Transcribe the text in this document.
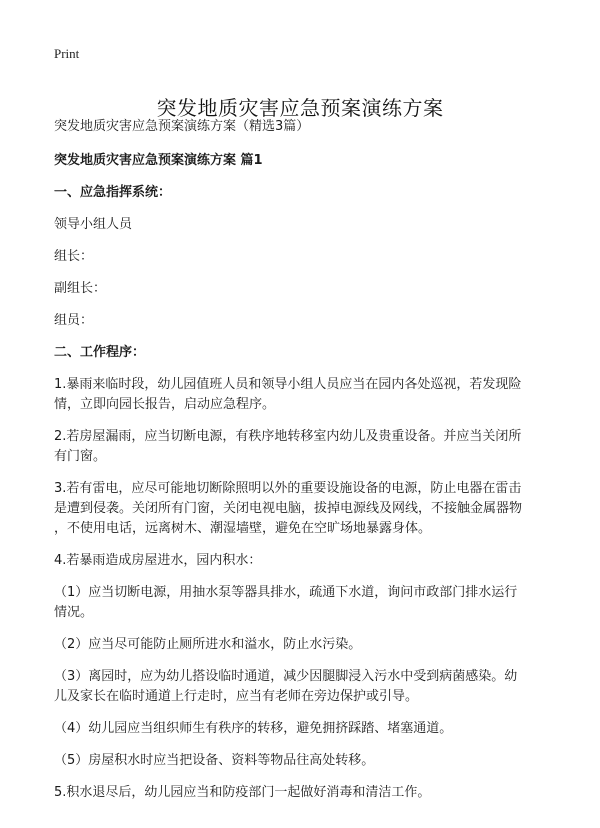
Print
突发地质灾害应急预案演练方案

突发地质灾害应急预案演练方案（精选3篇）

突发地质灾害应急预案演练方案 篇1

一、应急指挥系统：

领导小组人员

组长：

副组长：

组员：

二、工作程序：

1.暴雨来临时段，幼儿园值班人员和领导小组人员应当在园内各处巡视，若发现险
情，立即向园长报告，启动应急程序。

2.若房屋漏雨，应当切断电源，有秩序地转移室内幼儿及贵重设备。并应当关闭所
有门窗。

3.若有雷电，应尽可能地切断除照明以外的重要设施设备的电源，防止电器在雷击
是遭到侵袭。关闭所有门窗，关闭电视电脑，拔掉电源线及网线，不接触金属器物
，不使用电话，远离树木、潮湿墙壁，避免在空旷场地暴露身体。

4.若暴雨造成房屋进水，园内积水：

（1）应当切断电源，用抽水泵等器具排水，疏通下水道，询问市政部门排水运行
情况。

（2）应当尽可能防止厕所进水和溢水，防止水污染。

（3）离园时，应为幼儿搭设临时通道，减少因腿脚浸入污水中受到病菌感染。幼
儿及家长在临时通道上行走时，应当有老师在旁边保护或引导。

（4）幼儿园应当组织师生有秩序的转移，避免拥挤踩踏、堵塞通道。

（5）房屋积水时应当把设备、资料等物品往高处转移。

5.积水退尽后，幼儿园应当和防疫部门一起做好消毒和清洁工作。
